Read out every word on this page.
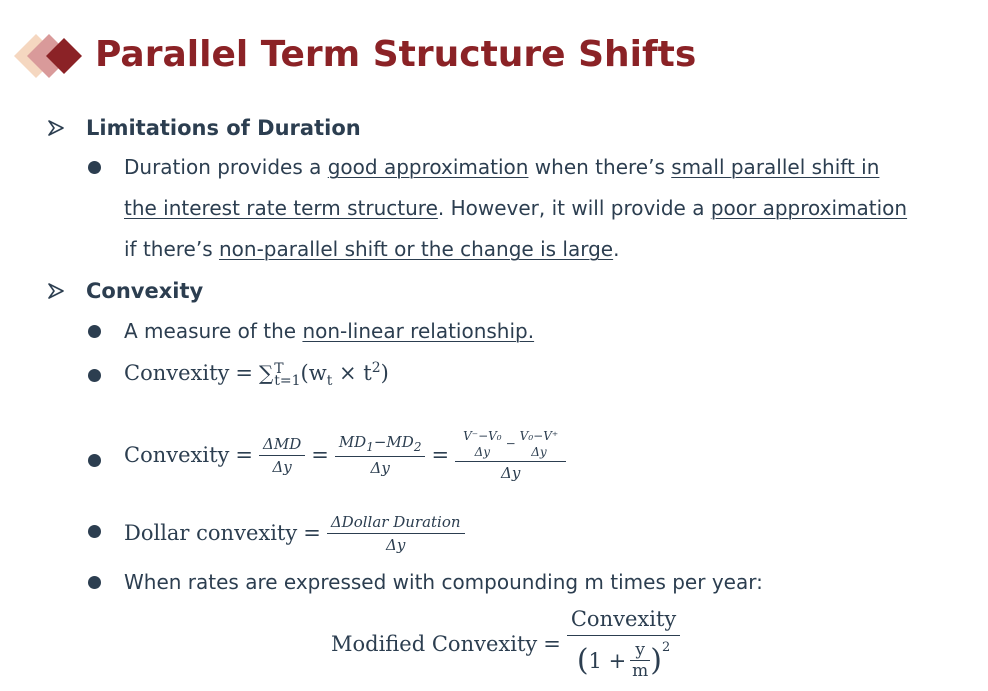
Parallel Term Structure Shifts
Limitations of Duration
Duration provides a good approximation when there’s small parallel shift in
the interest rate term structure. However, it will provide a poor approximation
if there’s non-parallel shift or the change is large.
Convexity
A measure of the non-linear relationship.
Convexity = ∑ T
t=1 $(w_t \times t^2)$
Convexity = $\frac{\text{ΔMD}}{\Delta y} = \frac{MD_1-MD_2}{\Delta y} = V^--V_0$
Δy
−
V₀−V⁺
Δy
Δy
Dollar convexity = $\frac{\text{ΔDollar Duration}}{\Delta y}$
When rates are expressed with compounding m times per year:
Modified Convexity = $\frac{\text{Convexity}}{( 1 + \frac{y}{m} )^2}$
